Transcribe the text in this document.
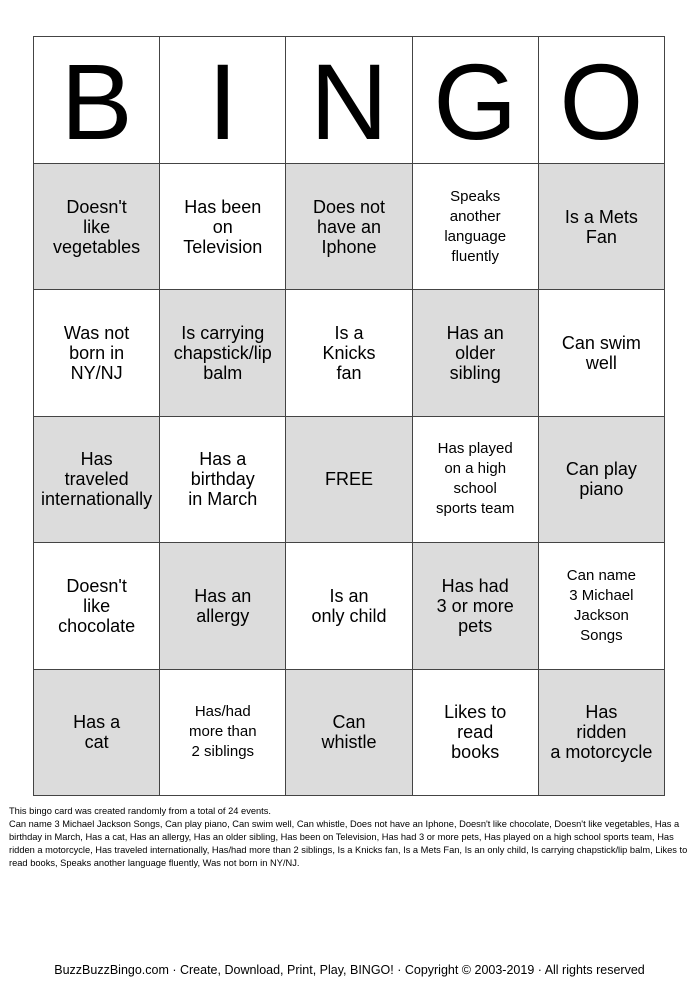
B I N G O
Doesn't
like
vegetables
Has been
on
Television
Does not
have an
Iphone
Speaks
another
language
fluently
Is a Mets
Fan
Was not
born in
NY/NJ
Is carrying
chapstick/lip
balm
Is a
Knicks
fan
Has an
older
sibling
Can swim
well
Has
traveled
internationally
Has a
birthday
in March
FREE
Has played
on a high
school
sports team
Can play
piano
Doesn't
like
chocolate
Has an
allergy
Is an
only child
Has had
3 or more
pets
Can name
3 Michael
Jackson
Songs
Has a
cat
Has/had
more than
2 siblings
Can
whistle
Likes to
read
books
Has
ridden
a motorcycle

This bingo card was created randomly from a total of 24 events.

Can name 3 Michael Jackson Songs, Can play piano, Can swim well, Can whistle, Does not have an Iphone, Doesn't like chocolate, Doesn't like vegetables, Has a birthday in March, Has a cat, Has an allergy, Has an older sibling, Has been on Television, Has had 3 or more pets, Has played on a high school sports team, Has ridden a motorcycle, Has traveled internationally, Has/had more than 2 siblings, Is a Knicks fan, Is a Mets Fan, Is an only child, Is carrying chapstick/lip balm, Likes to read books, Speaks another language fluently, Was not born in NY/NJ.

BuzzBuzzBingo.com · Create, Download, Print, Play, BINGO! · Copyright © 2003-2019 · All rights reserved
